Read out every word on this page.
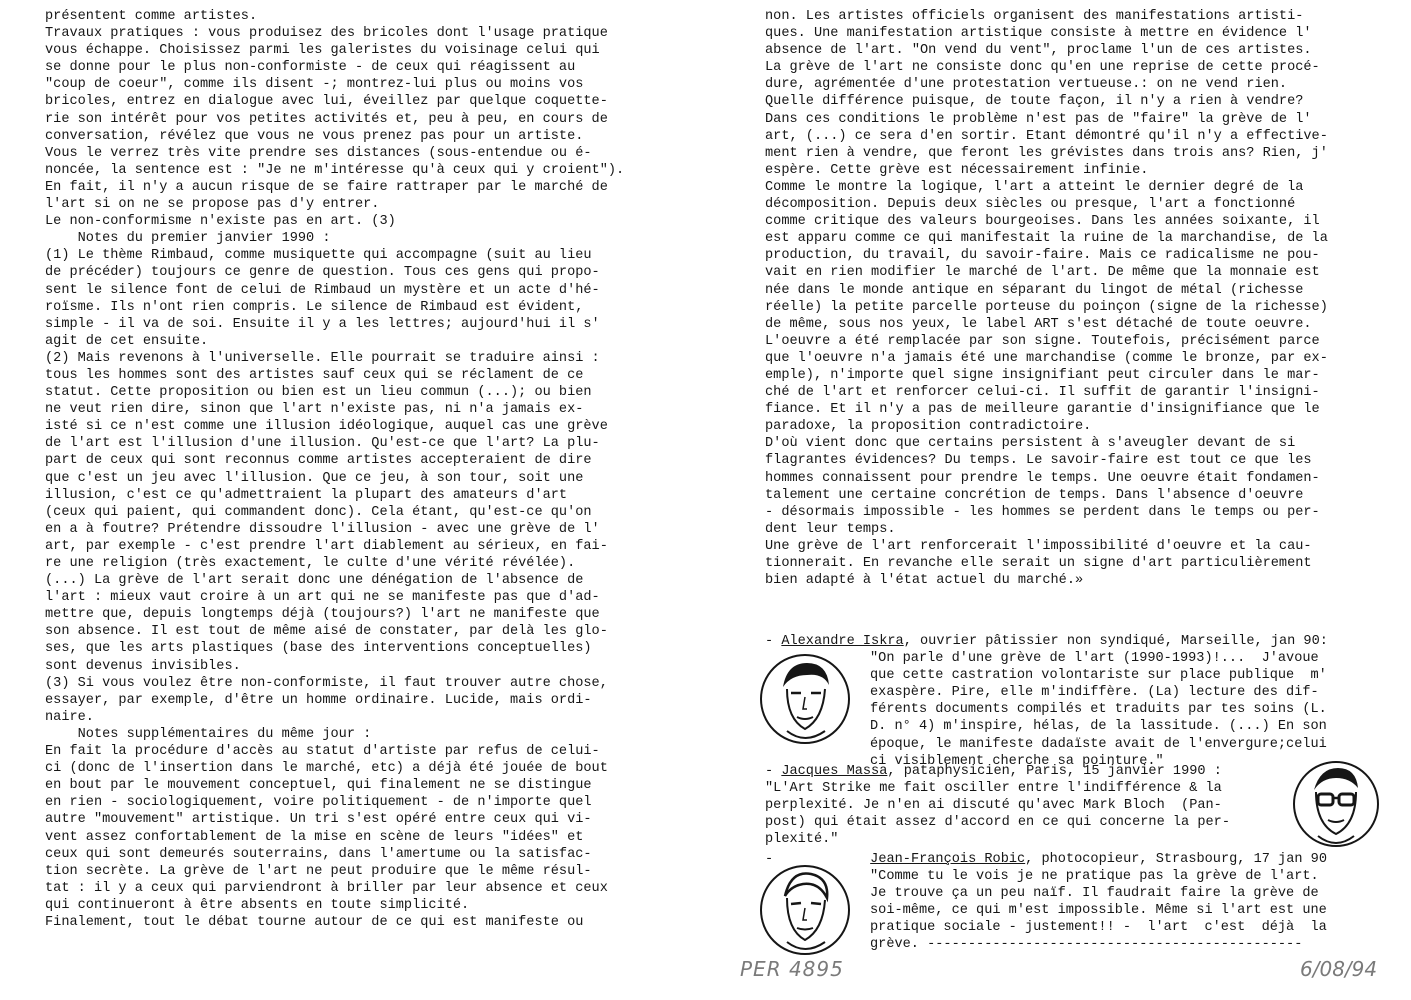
présentent comme artistes.
Travaux pratiques : vous produisez des bricoles dont l'usage pratique
vous échappe. Choisissez parmi les galeristes du voisinage celui qui
se donne pour le plus non-conformiste - de ceux qui réagissent au
"coup de coeur", comme ils disent -; montrez-lui plus ou moins vos
bricoles, entrez en dialogue avec lui, éveillez par quelque coquette-
rie son intérêt pour vos petites activités et, peu à peu, en cours de
conversation, révélez que vous ne vous prenez pas pour un artiste.
Vous le verrez très vite prendre ses distances (sous-entendue ou é-
noncée, la sentence est : "Je ne m'intéresse qu'à ceux qui y croient").
En fait, il n'y a aucun risque de se faire rattraper par le marché de
l'art si on ne se propose pas d'y entrer.
Le non-conformisme n'existe pas en art. (3)
Notes du premier janvier 1990 :
(1) Le thème Rimbaud, comme musiquette qui accompagne (suit au lieu
de précéder) toujours ce genre de question. Tous ces gens qui propo-
sent le silence font de celui de Rimbaud un mystère et un acte d'hé-
roïsme. Ils n'ont rien compris. Le silence de Rimbaud est évident,
simple - il va de soi. Ensuite il y a les lettres; aujourd'hui il s'
agit de cet ensuite.
(2) Mais revenons à l'universelle. Elle pourrait se traduire ainsi :
tous les hommes sont des artistes sauf ceux qui se réclament de ce
statut. Cette proposition ou bien est un lieu commun (...); ou bien
ne veut rien dire, sinon que l'art n'existe pas, ni n'a jamais ex-
isté si ce n'est comme une illusion idéologique, auquel cas une grève
de l'art est l'illusion d'une illusion. Qu'est-ce que l'art? La plu-
part de ceux qui sont reconnus comme artistes accepteraient de dire
que c'est un jeu avec l'illusion. Que ce jeu, à son tour, soit une
illusion, c'est ce qu'admettraient la plupart des amateurs d'art
(ceux qui paient, qui commandent donc). Cela étant, qu'est-ce qu'on
en a à foutre? Prétendre dissoudre l'illusion - avec une grève de l'
art, par exemple - c'est prendre l'art diablement au sérieux, en fai-
re une religion (très exactement, le culte d'une vérité révélée).
(...) La grève de l'art serait donc une dénégation de l'absence de
l'art : mieux vaut croire à un art qui ne se manifeste pas que d'ad-
mettre que, depuis longtemps déjà (toujours?) l'art ne manifeste que
son absence. Il est tout de même aisé de constater, par delà les glo-
ses, que les arts plastiques (base des interventions conceptuelles)
sont devenus invisibles.
(3) Si vous voulez être non-conformiste, il faut trouver autre chose,
essayer, par exemple, d'être un homme ordinaire. Lucide, mais ordi-
naire.
Notes supplémentaires du même jour :
En fait la procédure d'accès au statut d'artiste par refus de celui-
ci (donc de l'insertion dans le marché, etc) a déjà été jouée de bout
en bout par le mouvement conceptuel, qui finalement ne se distingue
en rien - sociologiquement, voire politiquement - de n'importe quel
autre "mouvement" artistique. Un tri s'est opéré entre ceux qui vi-
vent assez confortablement de la mise en scène de leurs "idées" et
ceux qui sont demeurés souterrains, dans l'amertume ou la satisfac-
tion secrète. La grève de l'art ne peut produire que le même résul-
tat : il y a ceux qui parviendront à briller par leur absence et ceux
qui continueront à être absents en toute simplicité.
Finalement, tout le débat tourne autour de ce qui est manifeste ou
non. Les artistes officiels organisent des manifestations artisti-
ques. Une manifestation artistique consiste à mettre en évidence l'
absence de l'art. "On vend du vent", proclame l'un de ces artistes.
La grève de l'art ne consiste donc qu'en une reprise de cette procé-
dure, agrémentée d'une protestation vertueuse.: on ne vend rien.
Quelle différence puisque, de toute façon, il n'y a rien à vendre?
Dans ces conditions le problème n'est pas de "faire" la grève de l'
art, (...) ce sera d'en sortir. Etant démontré qu'il n'y a effective-
ment rien à vendre, que feront les grévistes dans trois ans? Rien, j'
espère. Cette grève est nécessairement infinie.
Comme le montre la logique, l'art a atteint le dernier degré de la
décomposition. Depuis deux siècles ou presque, l'art a fonctionné
comme critique des valeurs bourgeoises. Dans les années soixante, il
est apparu comme ce qui manifestait la ruine de la marchandise, de la
production, du travail, du savoir-faire. Mais ce radicalisme ne pou-
vait en rien modifier le marché de l'art. De même que la monnaie est
née dans le monde antique en séparant du lingot de métal (richesse
réelle) la petite parcelle porteuse du poinçon (signe de la richesse)
de même, sous nos yeux, le label ART s'est détaché de toute oeuvre.
L'oeuvre a été remplacée par son signe. Toutefois, précisément parce
que l'oeuvre n'a jamais été une marchandise (comme le bronze, par ex-
emple), n'importe quel signe insignifiant peut circuler dans le mar-
ché de l'art et renforcer celui-ci. Il suffit de garantir l'insigni-
fiance. Et il n'y a pas de meilleure garantie d'insignifiance que le
paradoxe, la proposition contradictoire.
D'où vient donc que certains persistent à s'aveugler devant de si
flagrantes évidences? Du temps. Le savoir-faire est tout ce que les
hommes connaissent pour prendre le temps. Une oeuvre était fondamen-
talement une certaine concrétion de temps. Dans l'absence d'oeuvre
- désormais impossible - les hommes se perdent dans le temps ou per-
dent leur temps.
Une grève de l'art renforcerait l'impossibilité d'oeuvre et la cau-
tionnerait. En revanche elle serait un signe d'art particulièrement
bien adapté à l'état actuel du marché.»
- Alexandre Iskra, ouvrier pâtissier non syndiqué, Marseille, jan 90:
"On parle d'une grève de l'art (1990-1993)!...  J'avoue
que cette castration volontariste sur place publique  m'
exaspère. Pire, elle m'indiffère. (La) lecture des dif-
férents documents compilés et traduits par tes soins (L.
D. n° 4) m'inspire, hélas, de la lassitude. (...) En son
époque, le manifeste dadaïste avait de l'envergure;celui
ci visiblement cherche sa pointure."
- Jacques Massa, pataphysicien, Paris, 15 janvier 1990 :
"L'Art Strike me fait osciller entre l'indifférence & la
perplexité. Je n'en ai discuté qu'avec Mark Bloch  (Pan-
post) qui était assez d'accord en ce qui concerne la per-
plexité."
-	Jean-François Robic, photocopieur, Strasbourg, 17 jan 90
"Comme tu le vois je ne pratique pas la grève de l'art.
Je trouve ça un peu naïf. Il faudrait faire la grève de
soi-même, ce qui m'est impossible. Même si l'art est une
pratique sociale - justement!! -  l'art  c'est  déjà  la
grève. ----------------------------------------------
PER 4895	6/08/94
